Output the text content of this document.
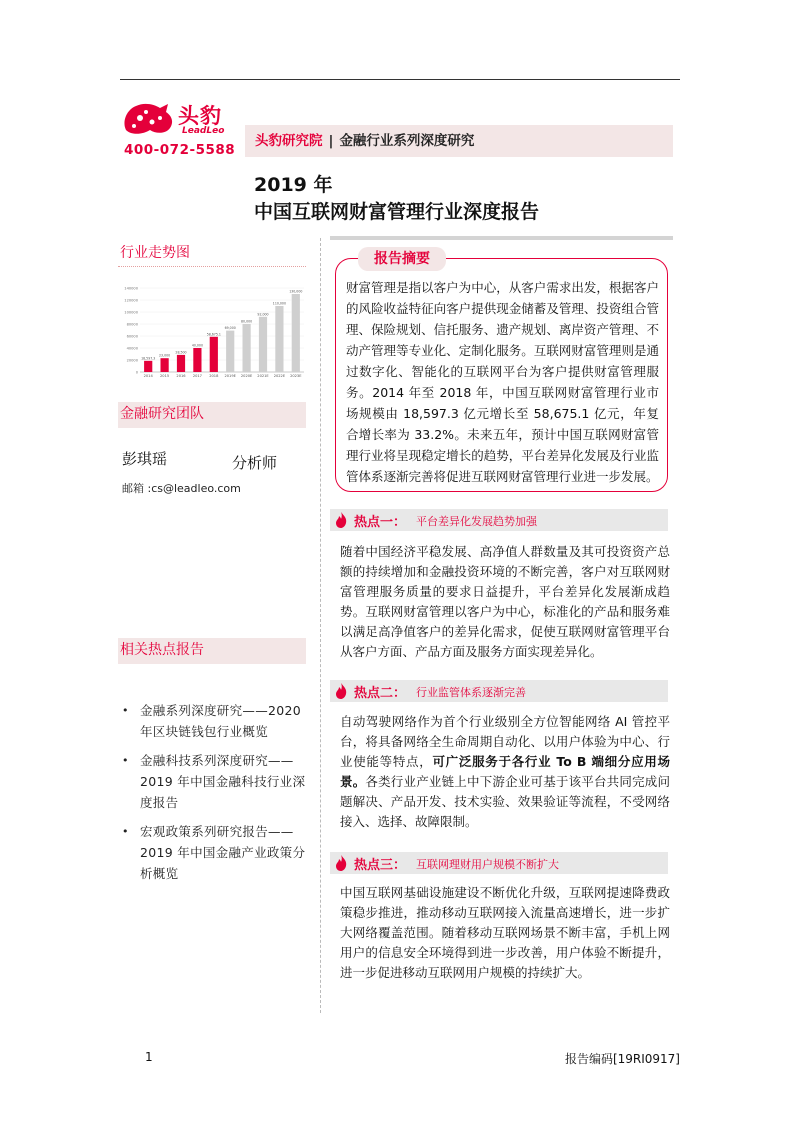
头豹
LeadLeo
400-072-5588
头豹研究院 | 金融行业系列深度研究
2019 年
中国互联网财富管理行业深度报告
行业走势图
0
20000
40000
60000
80000
100000
120000
140000
18,597.3
2014
23,000
2015
28,500
2016
40,000
2017
58,675.1
2018
69,000
2019E
80,000
2020E
92,000
2021E
110,000
2022E
130,000
2023E
金融研究团队
彭琪瑶	分析师
邮箱 :cs@leadleo.com
相关热点报告
• 金融系列深度研究——2020年区块链钱包行业概览
• 金融科技系列深度研究——2019 年中国金融科技行业深度报告
• 宏观政策系列研究报告——2019 年中国金融产业政策分析概览
报告摘要

财富管理是指以客户为中心，从客户需求出发，根据客户的风险收益特征向客户提供现金储蓄及管理、投资组合管理、保险规划、信托服务、遗产规划、离岸资产管理、不动产管理等专业化、定制化服务。互联网财富管理则是通过数字化、智能化的互联网平台为客户提供财富管理服务。2014 年至 2018 年，中国互联网财富管理行业市场规模由 18,597.3 亿元增长至 58,675.1 亿元，年复合增长率为 33.2%。未来五年，预计中国互联网财富管理行业将呈现稳定增长的趋势，平台差异化发展及行业监管体系逐渐完善将促进互联网财富管理行业进一步发展。

热点一： 平台差异化发展趋势加强
随着中国经济平稳发展、高净值人群数量及其可投资资产总额的持续增加和金融投资环境的不断完善，客户对互联网财富管理服务质量的要求日益提升，平台差异化发展渐成趋势。互联网财富管理以客户为中心，标准化的产品和服务难以满足高净值客户的差异化需求，促使互联网财富管理平台从客户方面、产品方面及服务方面实现差异化。
热点二： 行业监管体系逐渐完善
自动驾驶网络作为首个行业级别全方位智能网络 AI 管控平台，将具备网络全生命周期自动化、以用户体验为中心、行业使能等特点，可广泛服务于各行业 To B 端细分应用场景。各类行业产业链上中下游企业可基于该平台共同完成问题解决、产品开发、技术实验、效果验证等流程，不受网络接入、选择、故障限制。
热点三： 互联网理财用户规模不断扩大
中国互联网基础设施建设不断优化升级，互联网提速降费政策稳步推进，推动移动互联网接入流量高速增长，进一步扩大网络覆盖范围。随着移动互联网场景不断丰富，手机上网用户的信息安全环境得到进一步改善，用户体验不断提升，进一步促进移动互联网用户规模的持续扩大。
1	报告编码[19RI0917]
